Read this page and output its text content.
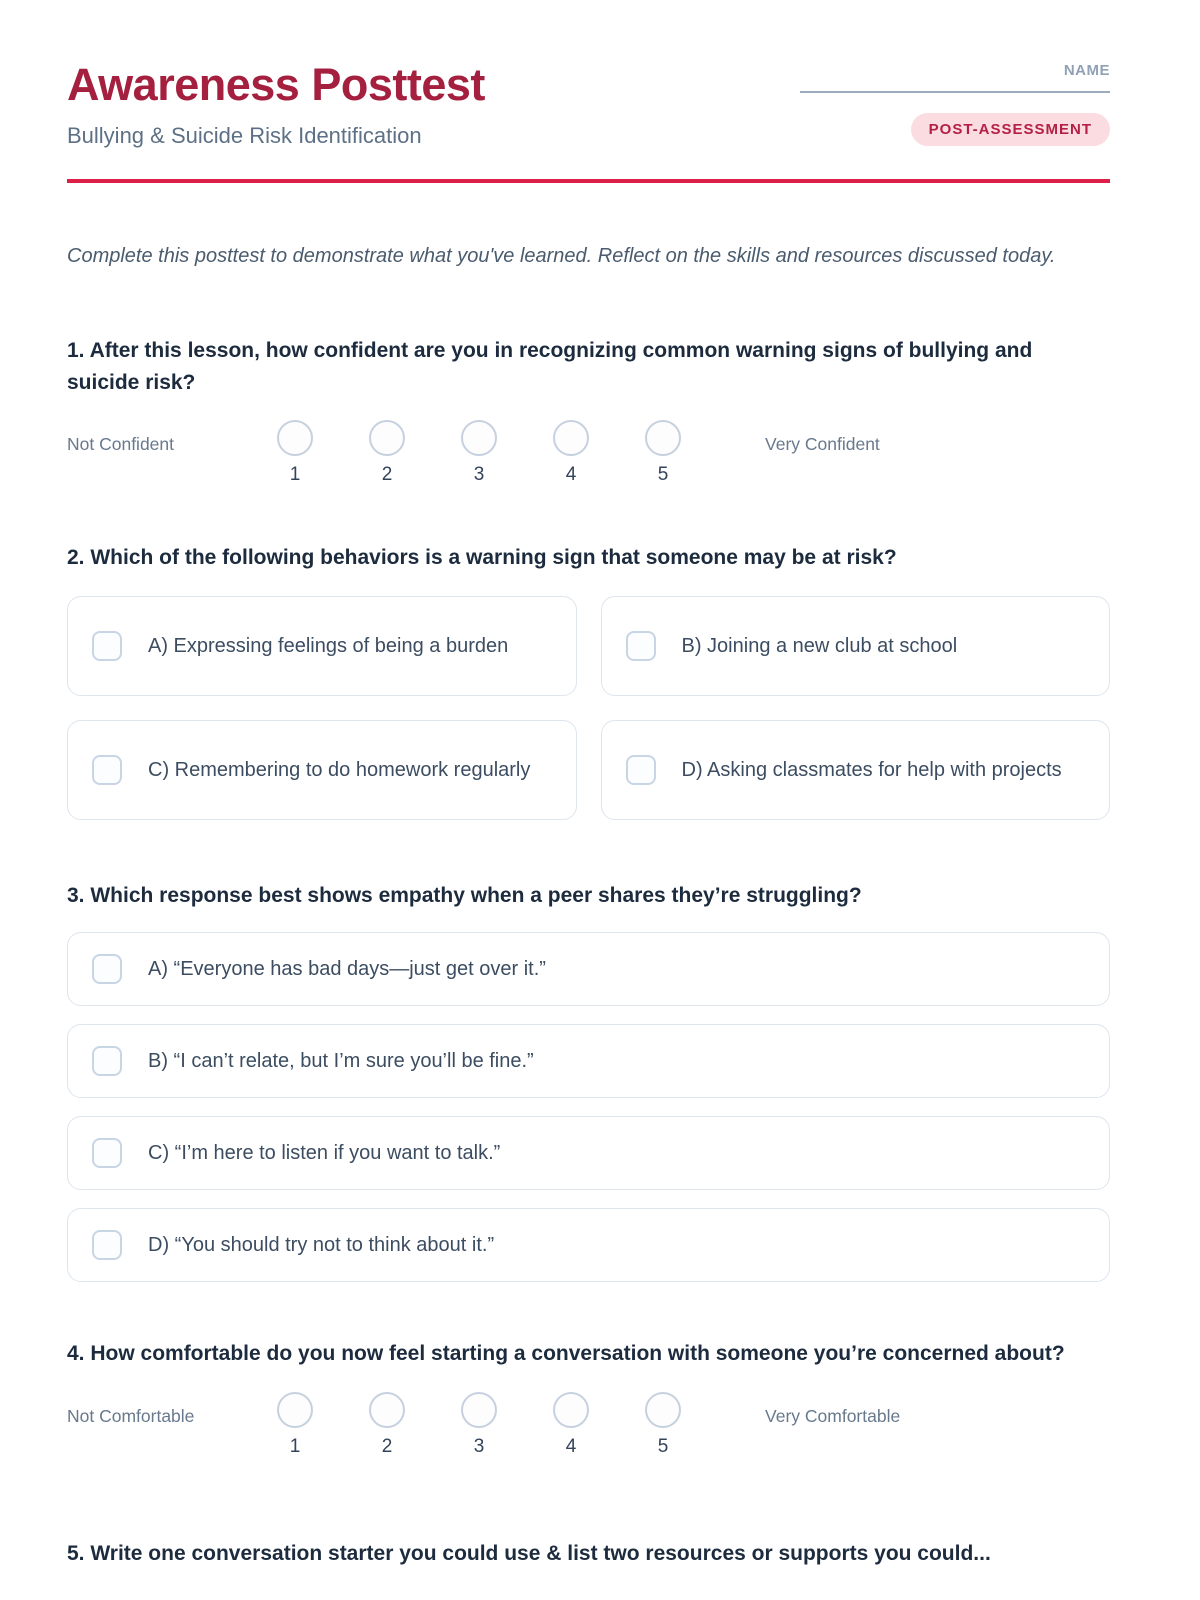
Awareness Posttest
Bullying & Suicide Risk Identification
NAME
POST-ASSESSMENT

Complete this posttest to demonstrate what you've learned. Reflect on the skills and resources discussed today.

1. After this lesson, how confident are you in recognizing common warning signs of bullying and suicide risk?
Not Confident
1	2	3	4	5
Very Confident
2. Which of the following behaviors is a warning sign that someone may be at risk?
A) Expressing feelings of being a burden	B) Joining a new club at school
C) Remembering to do homework regularly	D) Asking classmates for help with projects
3. Which response best shows empathy when a peer shares they’re struggling?
A) “Everyone has bad days—just get over it.”
B) “I can’t relate, but I’m sure you’ll be fine.”
C) “I’m here to listen if you want to talk.”
D) “You should try not to think about it.”
4. How comfortable do you now feel starting a conversation with someone you’re concerned about?
Not Comfortable
1	2	3	4	5
Very Comfortable
5. Write one conversation starter you could use & list two resources or supports you could...
